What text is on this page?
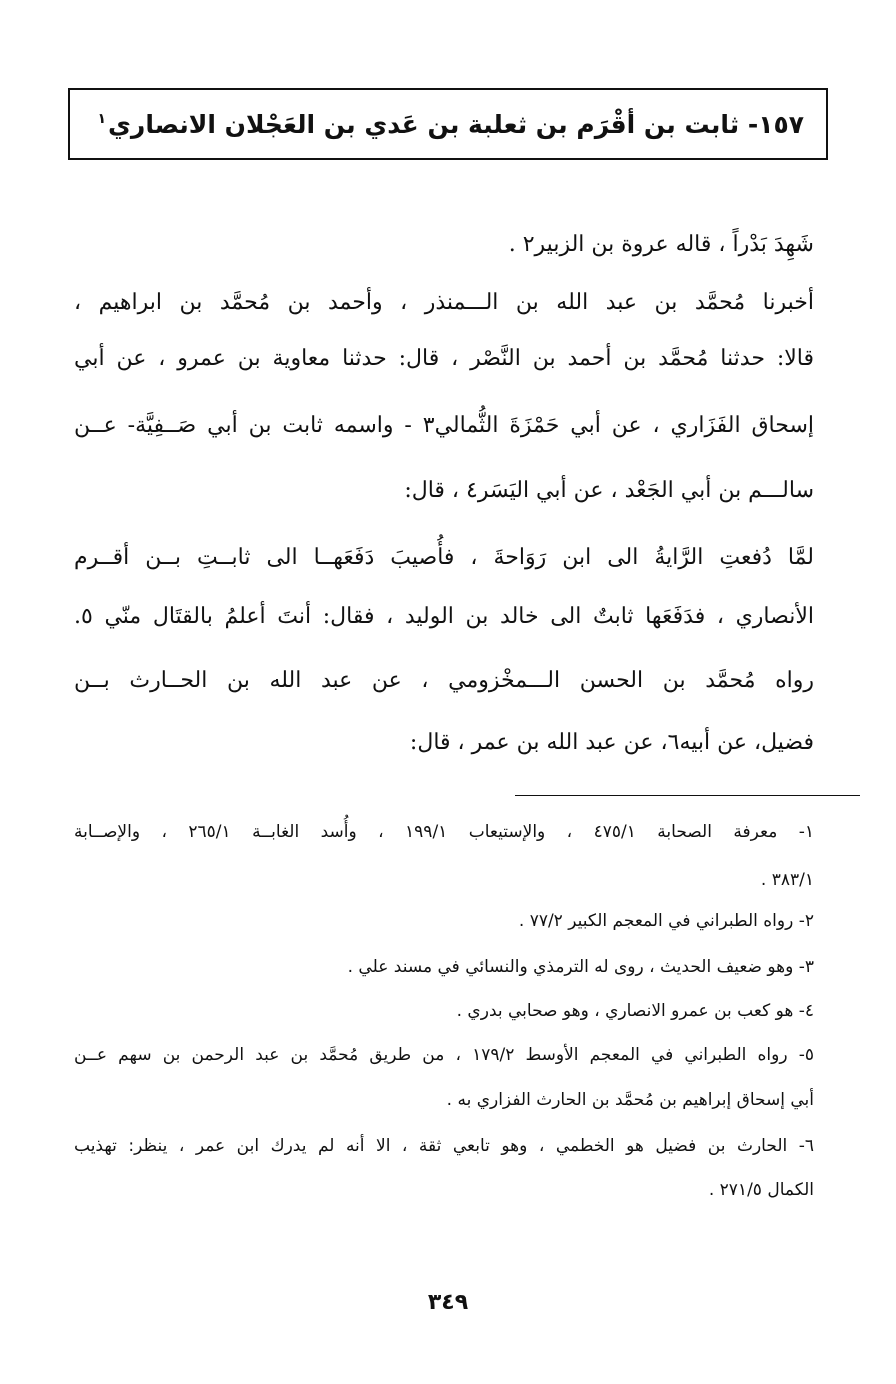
١٥٧- ثابت بن أقْرَم بن ثعلبة بن عَدي بن العَجْلان الانصاري$^١$
شَهِدَ بَدْراً ، قاله عروة بن الزبير٢ .
أخبرنا مُحمَّد بن عبد الله بن الـــمنذر ، وأحمد بن مُحمَّد بن ابراهيم ،
قالا: حدثنا مُحمَّد بن أحمد بن النَّصْر ، قال: حدثنا معاوية بن عمرو ، عن أبي
إسحاق الفَزَاري ، عن أبي حَمْزَةَ الثُّمالي٣ - واسمه ثابت بن أبي صَــفِيَّة- عــن
سالـــم بن أبي الجَعْد ، عن أبي اليَسَر٤ ، قال:
لمَّا دُفعتِ الرَّايةُ الى ابن رَوَاحةَ ، فأُصيبَ دَفَعَهــا الى ثابــتِ بــن أقــرم
الأنصاري ، فدَفَعَها ثابتٌ الى خالد بن الوليد ، فقال: أنتَ أعلمُ بالقتَال منّي ٥.
رواه مُحمَّد بن الحسن الـــمخْزومي ، عن عبد الله بن الحــارث بــن
فضيل، عن أبيه٦، عن عبد الله بن عمر ، قال:
١- معرفة الصحابة ٤٧٥/١ ، والإستيعاب ١٩٩/١ ، وأُسد الغابــة ٢٦٥/١ ، والإصــابة
٣٨٣/١ .
٢- رواه الطبراني في المعجم الكبير ٧٧/٢ .
٣- وهو ضعيف الحديث ، روى له الترمذي والنسائي في مسند علي .
٤- هو كعب بن عمرو الانصاري ، وهو صحابي بدري .
٥- رواه الطبراني في المعجم الأوسط ١٧٩/٢ ، من طريق مُحمَّد بن عبد الرحمن بن سهم عــن
أبي إسحاق إبراهيم بن مُحمَّد بن الحارث الفزاري به .
٦- الحارث بن فضيل هو الخطمي ، وهو تابعي ثقة ، الا أنه لم يدرك ابن عمر ، ينظر: تهذيب
الكمال ٢٧١/٥ .
٣٤٩
